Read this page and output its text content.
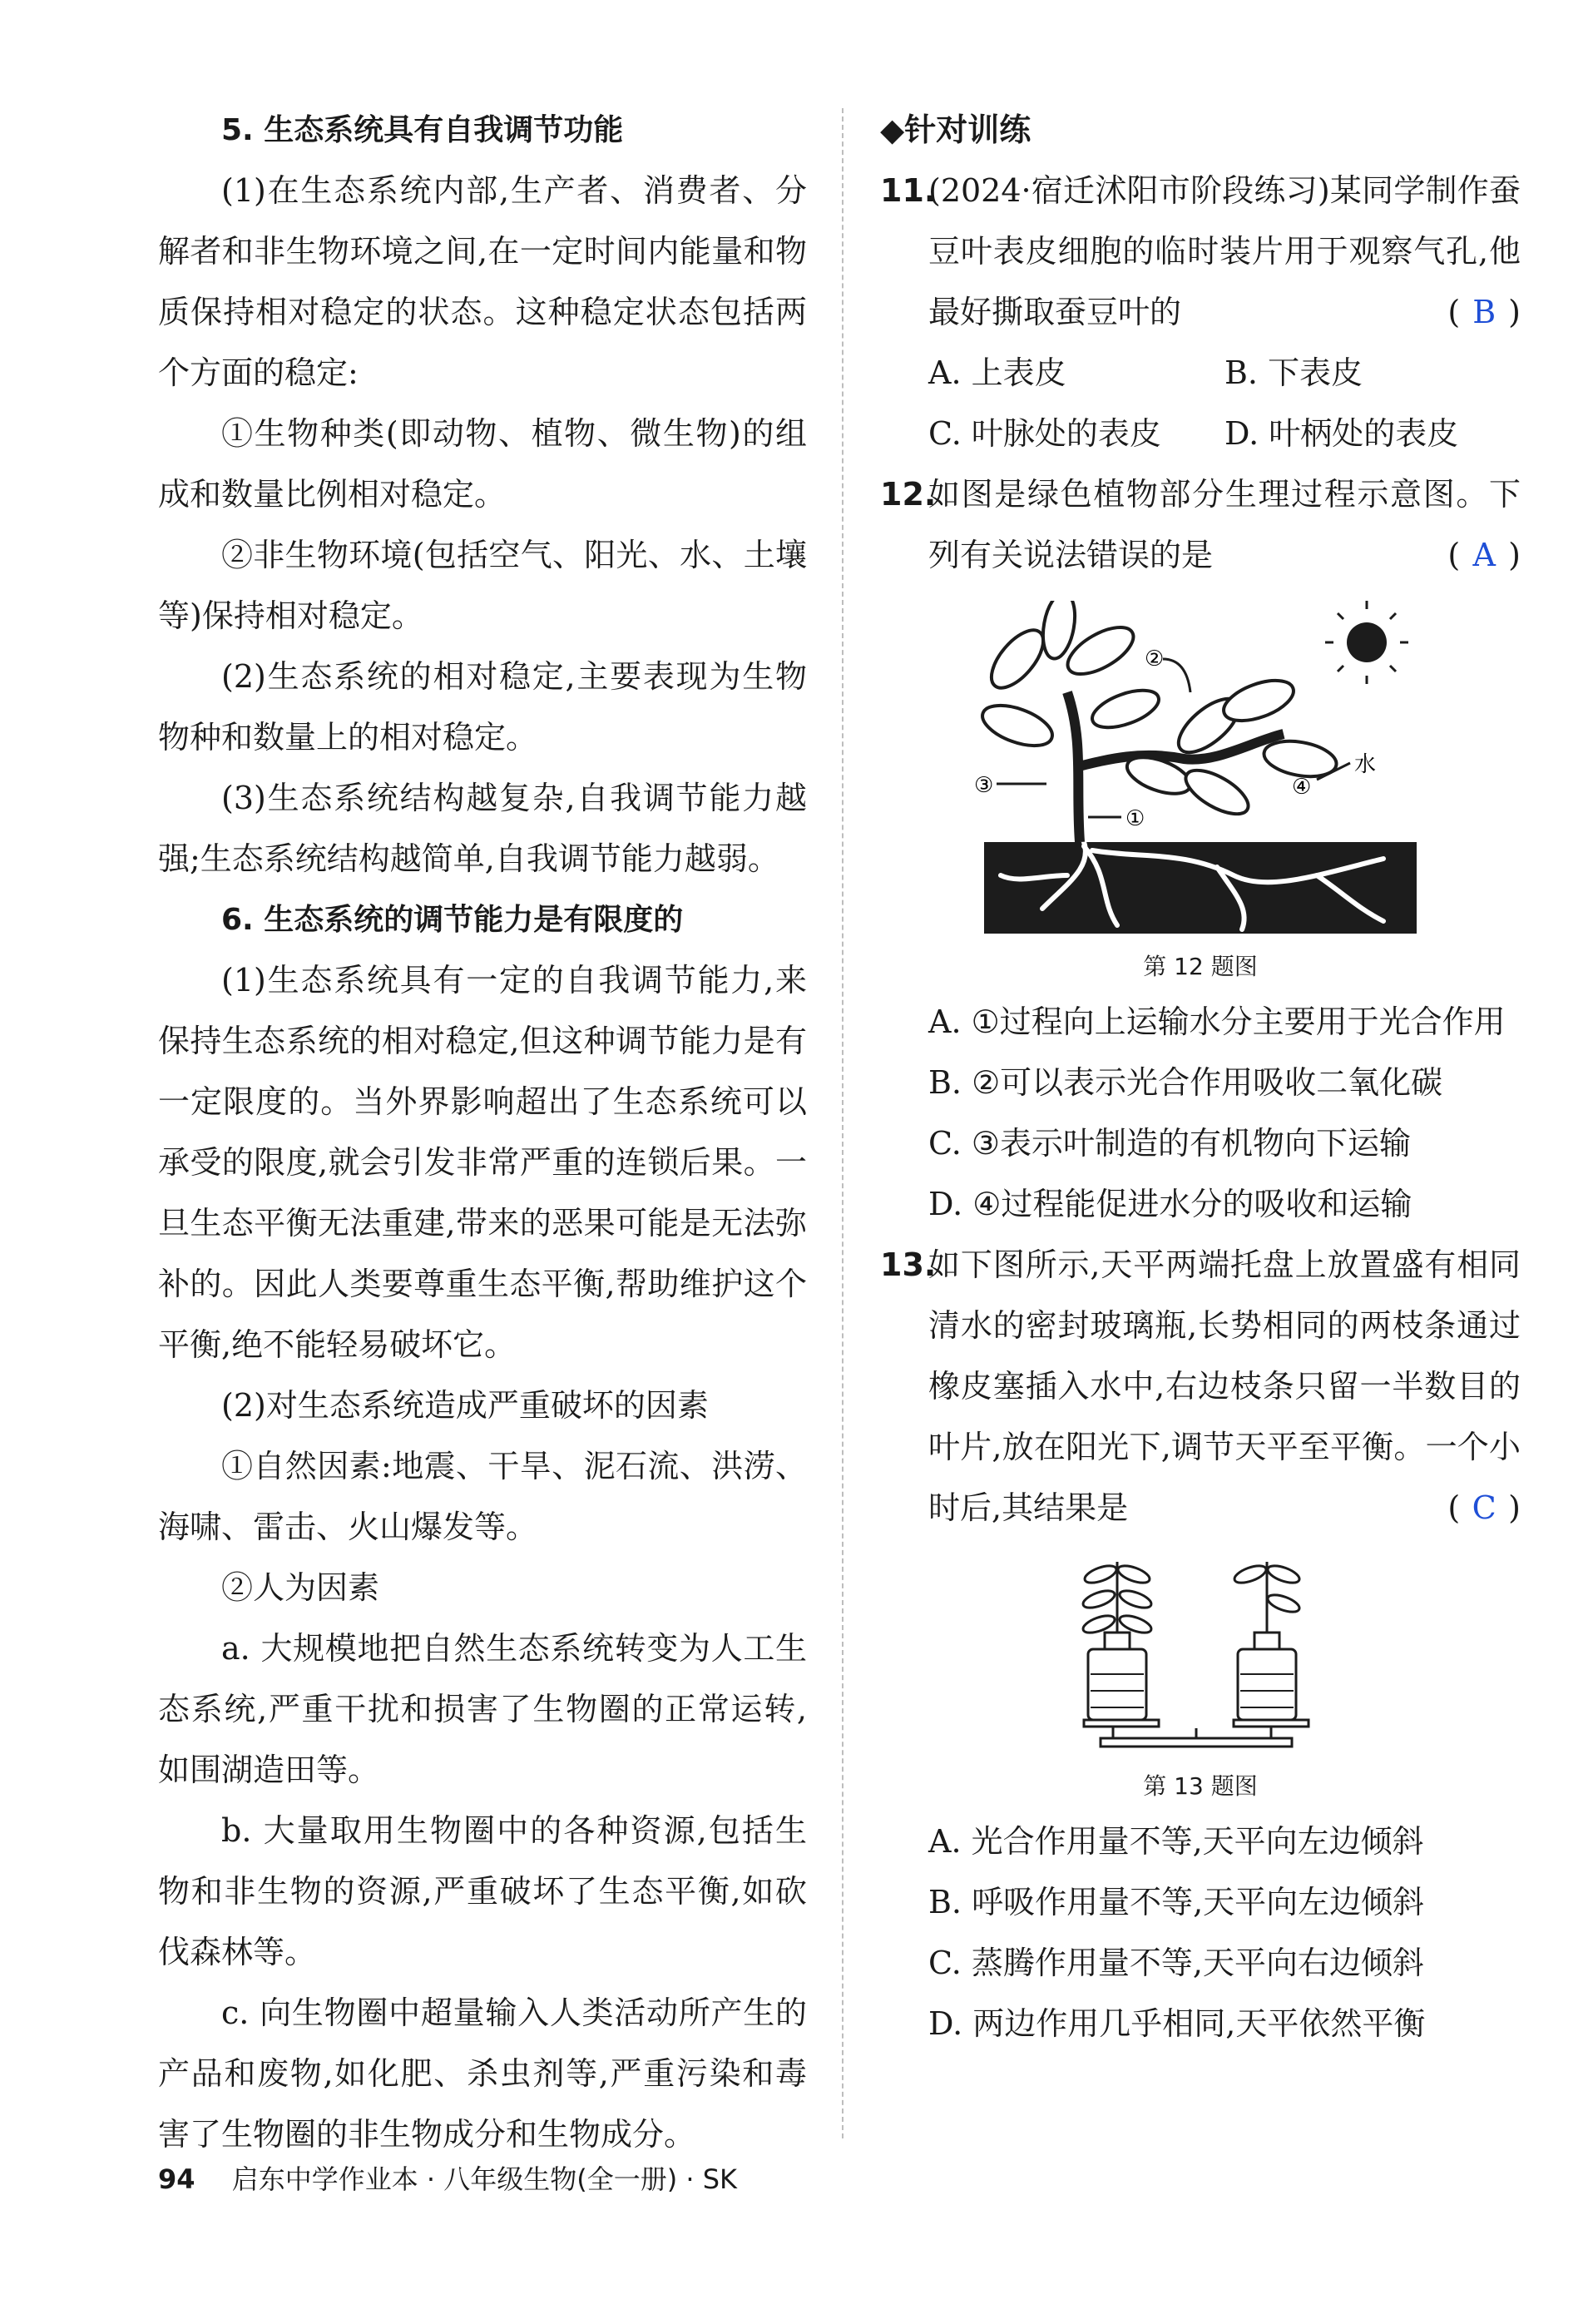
5. 生态系统具有自我调节功能

(1)在生态系统内部,生产者、消费者、分解者和非生物环境之间,在一定时间内能量和物质保持相对稳定的状态。这种稳定状态包括两个方面的稳定:

①生物种类(即动物、植物、微生物)的组成和数量比例相对稳定。

②非生物环境(包括空气、阳光、水、土壤等)保持相对稳定。

(2)生态系统的相对稳定,主要表现为生物物种和数量上的相对稳定。

(3)生态系统结构越复杂,自我调节能力越强;生态系统结构越简单,自我调节能力越弱。

6. 生态系统的调节能力是有限度的

(1)生态系统具有一定的自我调节能力,来保持生态系统的相对稳定,但这种调节能力是有一定限度的。当外界影响超出了生态系统可以承受的限度,就会引发非常严重的连锁后果。一旦生态平衡无法重建,带来的恶果可能是无法弥补的。因此人类要尊重生态平衡,帮助维护这个平衡,绝不能轻易破坏它。

(2)对生态系统造成严重破坏的因素

①自然因素:地震、干旱、泥石流、洪涝、海啸、雷击、火山爆发等。

②人为因素

a. 大规模地把自然生态系统转变为人工生态系统,严重干扰和损害了生物圈的正常运转,如围湖造田等。

b. 大量取用生物圈中的各种资源,包括生物和非生物的资源,严重破坏了生态平衡,如砍伐森林等。

c. 向生物圈中超量输入人类活动所产生的产品和废物,如化肥、杀虫剂等,严重污染和毒害了生物圈的非生物成分和生物成分。

◆针对训练

11.
(2024·宿迁沭阳市阶段练习)某同学制作蚕豆叶表皮细胞的临时装片用于观察气孔,他最好撕取蚕豆叶的	( B )
A. 上表皮	B. 下表皮
C. 叶脉处的表皮	D. 叶柄处的表皮
12.
如图是绿色植物部分生理过程示意图。下列有关说法错误的是	( A )
②
③
①
④
水
第 12 题图
A. ①过程向上运输水分主要用于光合作用
B. ②可以表示光合作用吸收二氧化碳
C. ③表示叶制造的有机物向下运输
D. ④过程能促进水分的吸收和运输
13.
如下图所示,天平两端托盘上放置盛有相同清水的密封玻璃瓶,长势相同的两枝条通过橡皮塞插入水中,右边枝条只留一半数目的叶片,放在阳光下,调节天平至平衡。一个小时后,其结果是	( C )
第 13 题图
A. 光合作用量不等,天平向左边倾斜
B. 呼吸作用量不等,天平向左边倾斜
C. 蒸腾作用量不等,天平向右边倾斜
D. 两边作用几乎相同,天平依然平衡
94 启东中学作业本 · 八年级生物(全一册) · SK
